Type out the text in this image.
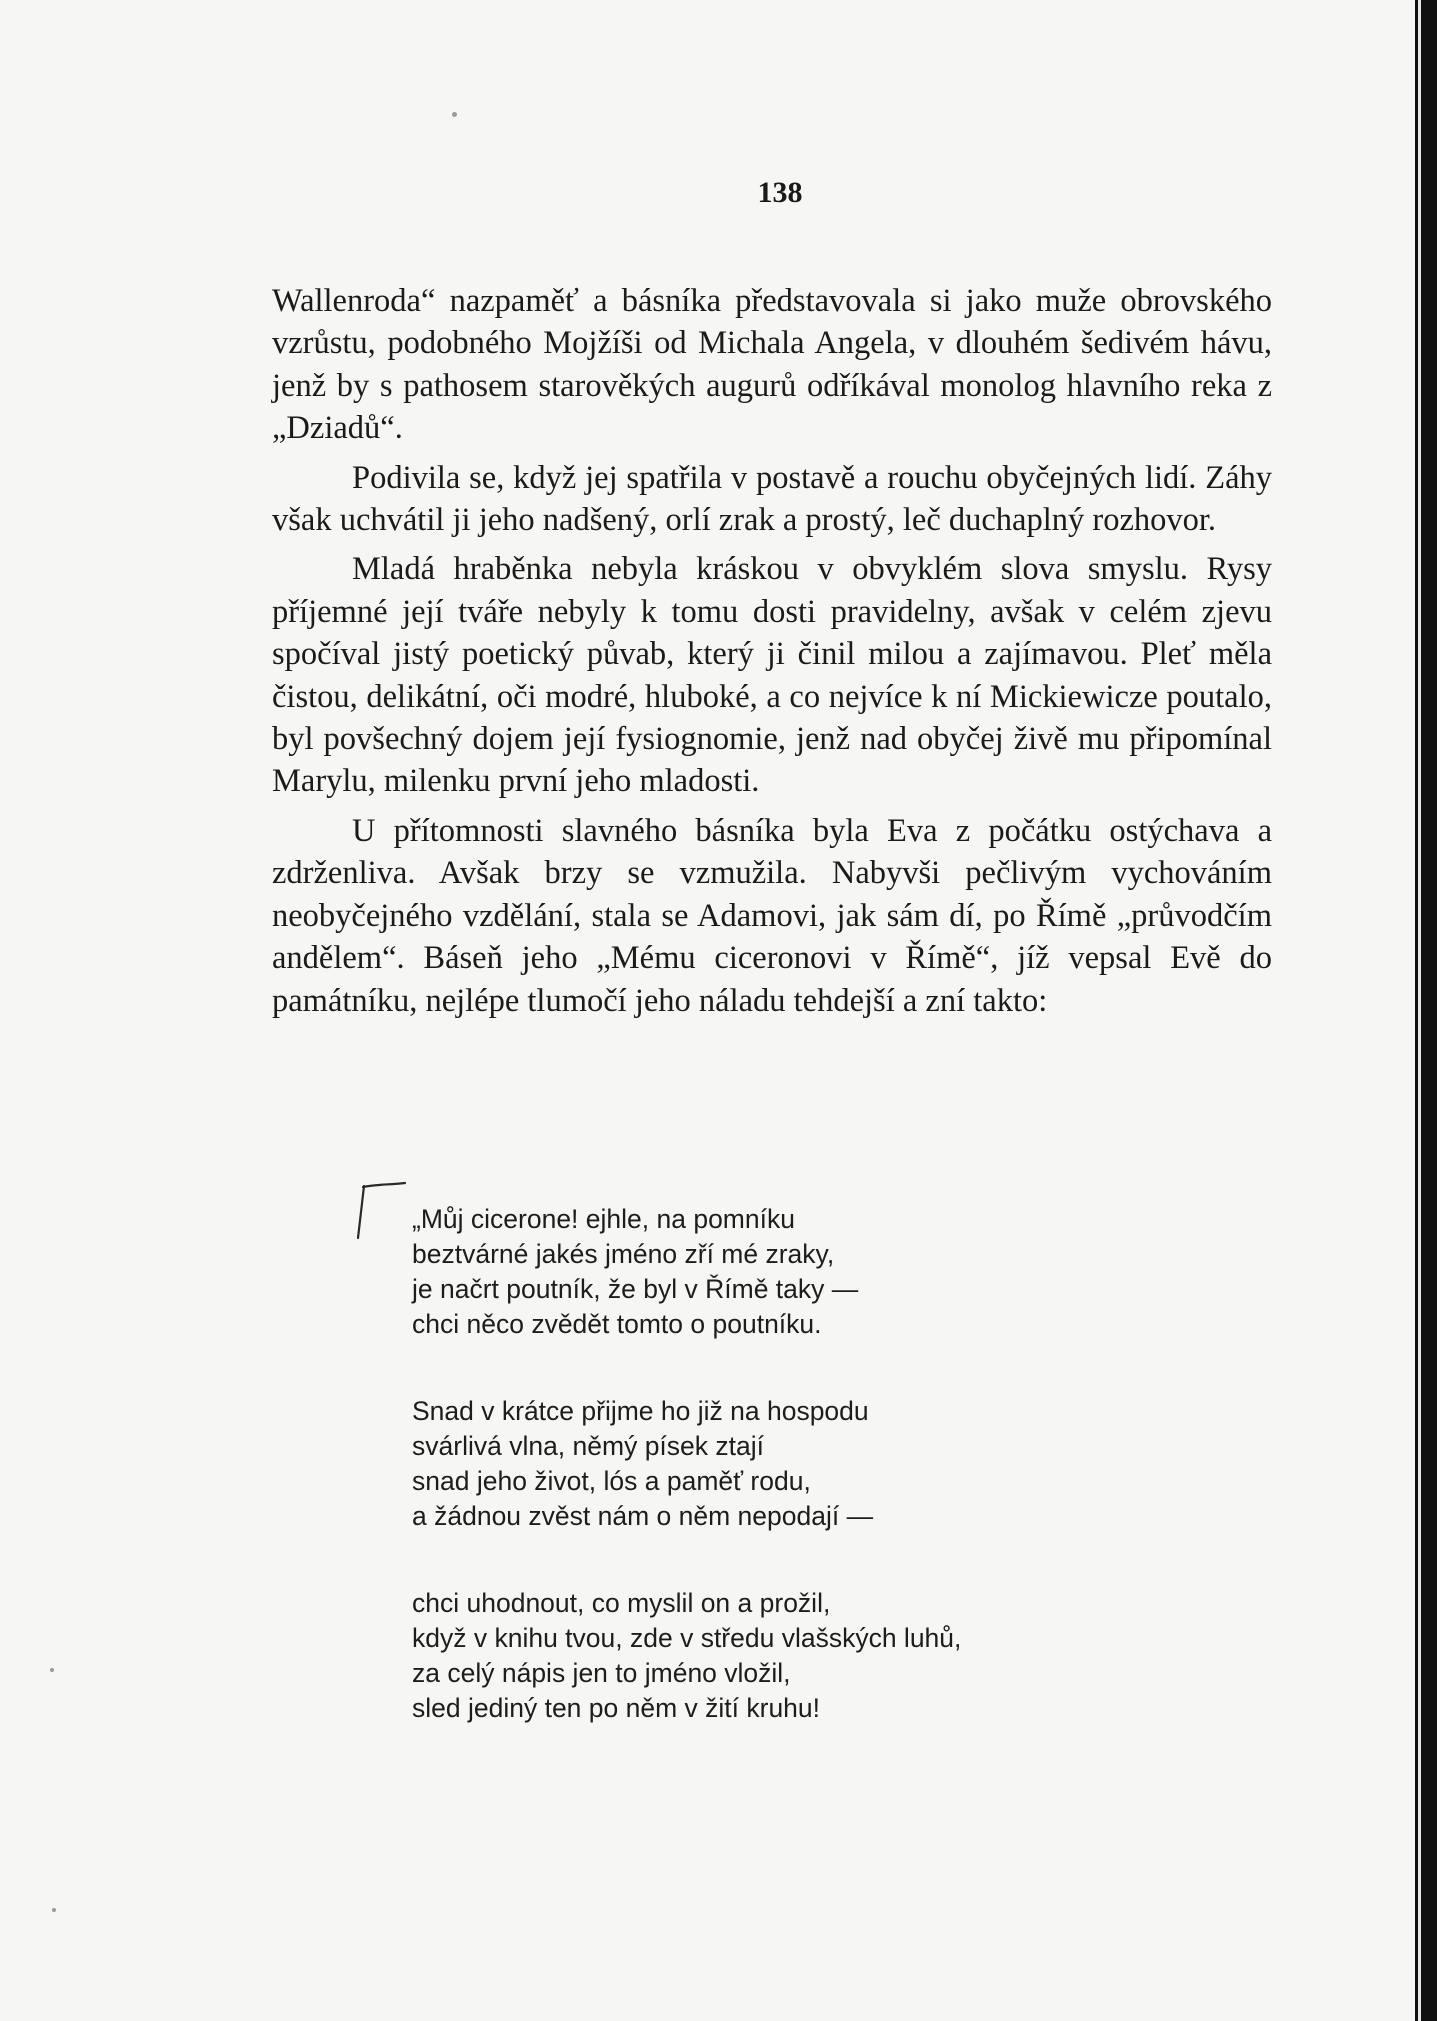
138

Wallenroda“ nazpaměť a básníka představovala si jako muže obrovského vzrůstu, podobného Mojžíši od Michala Angela, v dlouhém šedivém hávu, jenž by s pathosem starověkých augurů odříkával monolog hlavního reka z „Dziadů“.

Podivila se, když jej spatřila v postavě a rouchu obyčejných lidí. Záhy však uchvátil ji jeho nadšený, orlí zrak a prostý, leč duchaplný rozhovor.

Mladá hraběnka nebyla kráskou v obvyklém slova smyslu. Rysy příjemné její tváře nebyly k tomu dosti pravidelny, avšak v celém zjevu spočíval jistý poetický půvab, který ji činil milou a zajímavou. Pleť měla čistou, delikátní, oči modré, hluboké, a co nejvíce k ní Mickiewicze poutalo, byl povšechný dojem její fysiognomie, jenž nad obyčej živě mu připomínal Marylu, milenku první jeho mladosti.

U přítomnosti slavného básníka byla Eva z počátku ostýchava a zdrženliva. Avšak brzy se vzmužila. Nabyvši pečlivým vychováním neobyčejného vzdělání, stala se Adamovi, jak sám dí, po Římě „průvodčím andělem“. Báseň jeho „Mému ciceronovi v Římě“, jíž vepsal Evě do památníku, nejlépe tlumočí jeho náladu tehdejší a zní takto:

„Můj cicerone! ejhle, na pomníku
beztvárné jakés jméno zří mé zraky,
je načrt poutník, že byl v Římě taky —
chci něco zvědět tomto o poutníku.
Snad v krátce přijme ho již na hospodu
svárlivá vlna, němý písek ztají
snad jeho život, lós a paměť rodu,
a žádnou zvěst nám o něm nepodají —
chci uhodnout, co myslil on a prožil,
když v knihu tvou, zde v středu vlašských luhů,
za celý nápis jen to jméno vložil,
sled jediný ten po něm v žití kruhu!
